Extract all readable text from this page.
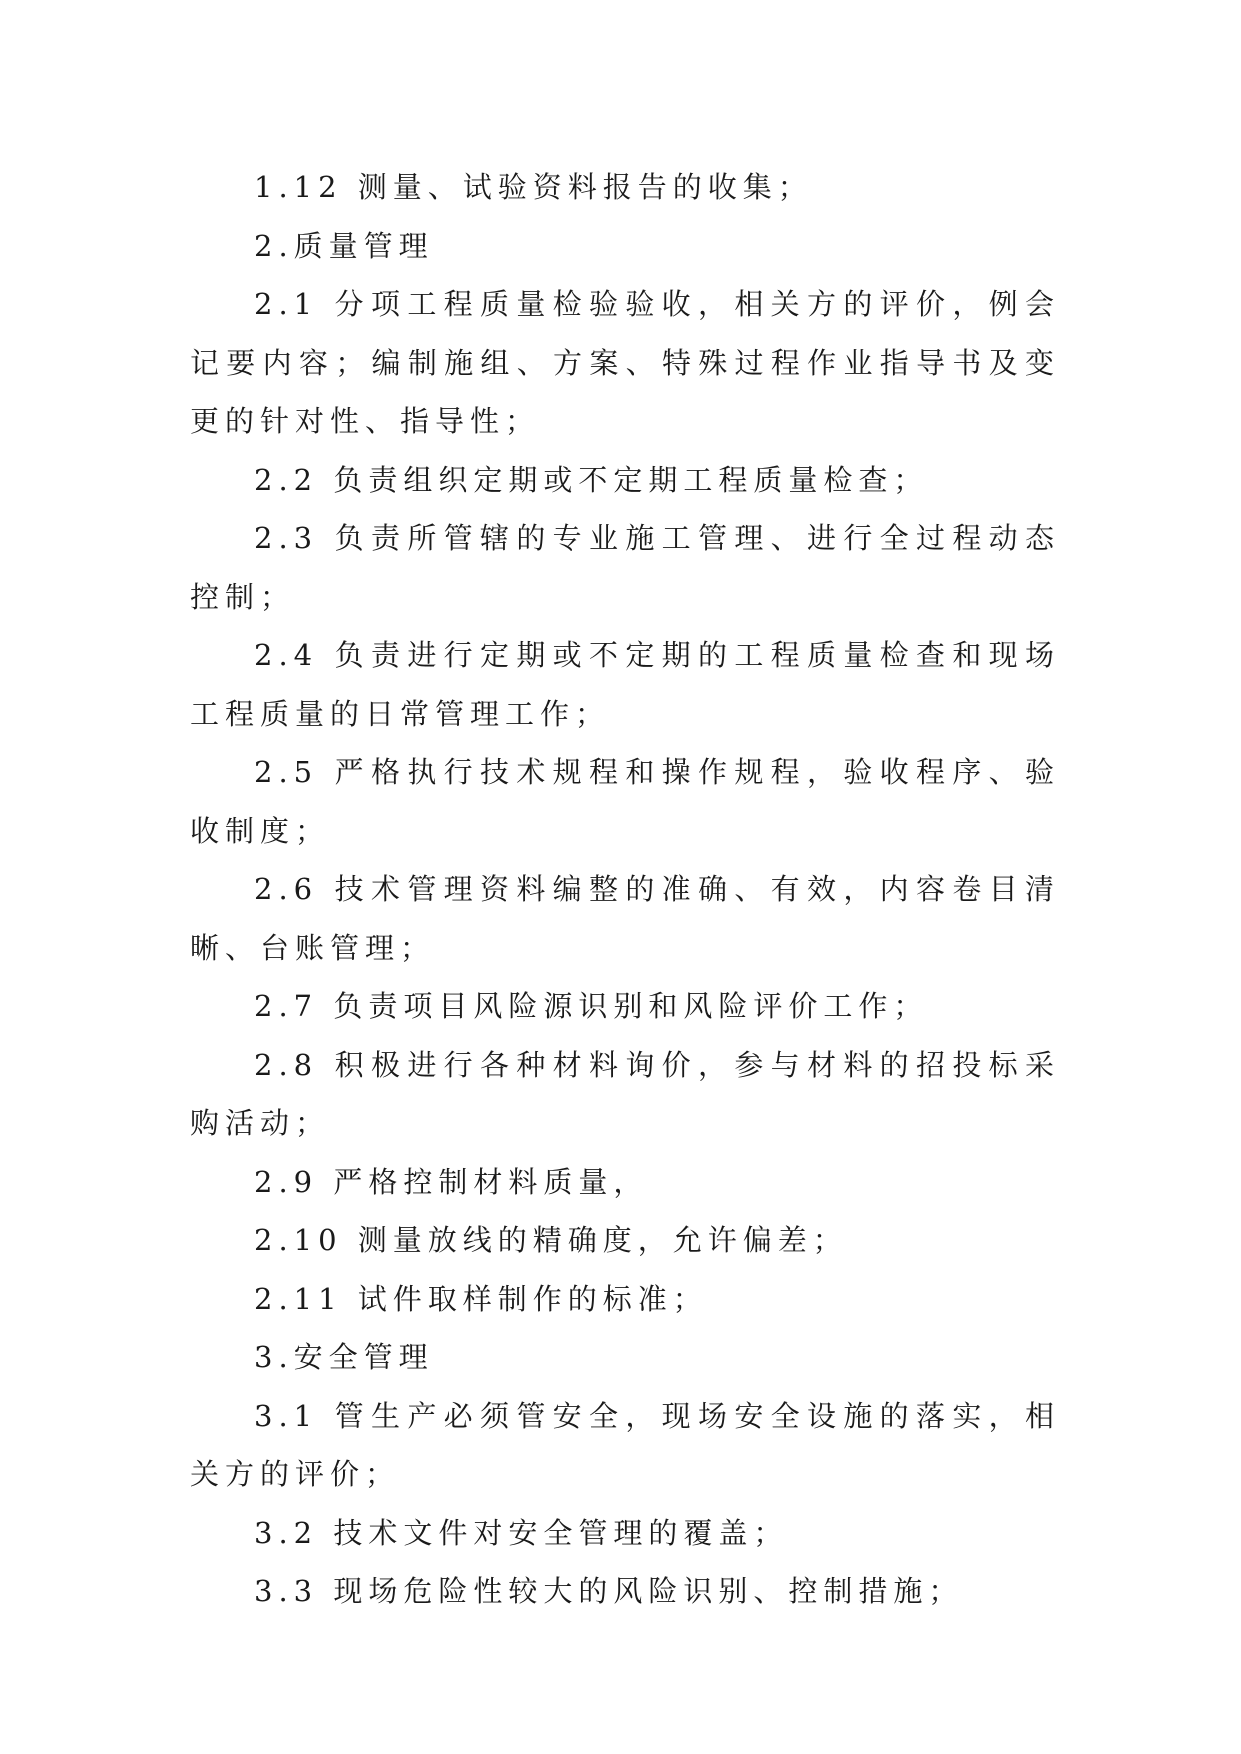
1.12 测量、试验资料报告的收集；

2.质量管理

2.1 分项工程质量检验验收，相关方的评价，例会记要内容；编制施组、方案、特殊过程作业指导书及变更的针对性、指导性；

2.2 负责组织定期或不定期工程质量检查；

2.3 负责所管辖的专业施工管理、进行全过程动态控制；

2.4 负责进行定期或不定期的工程质量检查和现场工程质量的日常管理工作；

2.5 严格执行技术规程和操作规程，验收程序、验收制度；

2.6 技术管理资料编整的准确、有效，内容卷目清晰、台账管理；

2.7 负责项目风险源识别和风险评价工作；

2.8 积极进行各种材料询价，参与材料的招投标采购活动；

2.9 严格控制材料质量，

2.10 测量放线的精确度，允许偏差；

2.11 试件取样制作的标准；

3.安全管理

3.1 管生产必须管安全，现场安全设施的落实，相关方的评价；

3.2 技术文件对安全管理的覆盖；

3.3 现场危险性较大的风险识别、控制措施；
